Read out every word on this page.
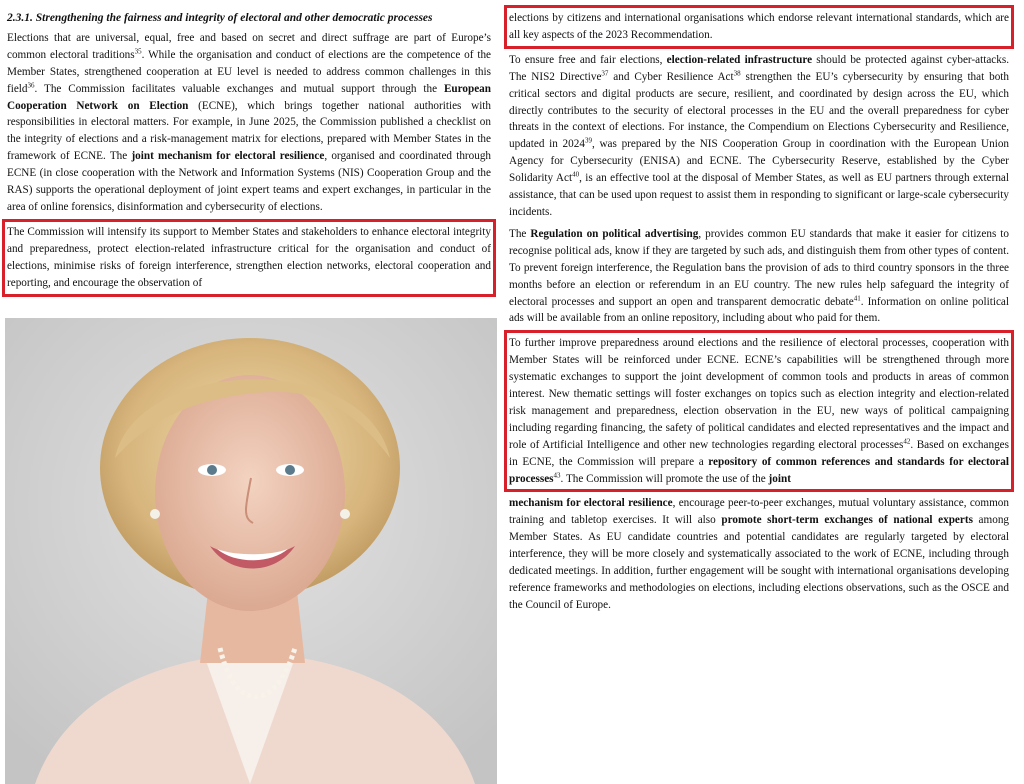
2.3.1. Strengthening the fairness and integrity of electoral and other democratic processes

Elections that are universal, equal, free and based on secret and direct suffrage are part of Europe’s common electoral traditions$^{35}$. While the organisation and conduct of elections are the competence of the Member States, strengthened cooperation at EU level is needed to address common challenges in this field$^{36}$. The Commission facilitates valuable exchanges and mutual support through the European Cooperation Network on Election (ECNE), which brings together national authorities with responsibilities in electoral matters. For example, in June 2025, the Commission published a checklist on the integrity of elections and a risk-management matrix for elections, prepared with Member States in the framework of ECNE. The joint mechanism for electoral resilience, organised and coordinated through ECNE (in close cooperation with the Network and Information Systems (NIS) Cooperation Group and the RAS) supports the operational deployment of joint expert teams and expert exchanges, in particular in the area of online forensics, disinformation and cybersecurity of elections.

The Commission will intensify its support to Member States and stakeholders to enhance electoral integrity and preparedness, protect election-related infrastructure critical for the organisation and conduct of elections, minimise risks of foreign interference, strengthen election networks, electoral cooperation and reporting, and encourage the observation of

elections by citizens and international organisations which endorse relevant international standards, which are all key aspects of the 2023 Recommendation.

To ensure free and fair elections, election-related infrastructure should be protected against cyber-attacks. The NIS2 Directive$^{37}$ and Cyber Resilience Act$^{38}$ strengthen the EU’s cybersecurity by ensuring that both critical sectors and digital products are secure, resilient, and coordinated by design across the EU, which directly contributes to the security of electoral processes in the EU and the overall preparedness for cyber threats in the context of elections. For instance, the Compendium on Elections Cybersecurity and Resilience, updated in 2024$^{39}$, was prepared by the NIS Cooperation Group in coordination with the European Union Agency for Cybersecurity (ENISA) and ECNE. The Cybersecurity Reserve, established by the Cyber Solidarity Act$^{40}$, is an effective tool at the disposal of Member States, as well as EU partners through external assistance, that can be used upon request to assist them in responding to significant or large-scale cybersecurity incidents.

The Regulation on political advertising, provides common EU standards that make it easier for citizens to recognise political ads, know if they are targeted by such ads, and distinguish them from other types of content. To prevent foreign interference, the Regulation bans the provision of ads to third country sponsors in the three months before an election or referendum in an EU country. The new rules help safeguard the integrity of electoral processes and support an open and transparent democratic debate$^{41}$. Information on online political ads will be available from an online repository, including about who paid for them.

To further improve preparedness around elections and the resilience of electoral processes, cooperation with Member States will be reinforced under ECNE. ECNE’s capabilities will be strengthened through more systematic exchanges to support the joint development of common tools and products in areas of common interest. New thematic settings will foster exchanges on topics such as election integrity and election-related risk management and preparedness, election observation in the EU, new ways of political campaigning including regarding financing, the safety of political candidates and elected representatives and the impact and role of Artificial Intelligence and other new technologies regarding electoral processes$^{42}$. Based on exchanges in ECNE, the Commission will prepare a repository of common references and standards for electoral processes$^{43}$. The Commission will promote the use of the joint

mechanism for electoral resilience, encourage peer-to-peer exchanges, mutual voluntary assistance, common training and tabletop exercises. It will also promote short-term exchanges of national experts among Member States. As EU candidate countries and potential candidates are regularly targeted by electoral interference, they will be more closely and systematically associated to the work of ECNE, including through dedicated meetings. In addition, further engagement will be sought with international organisations developing reference frameworks and methodologies on elections, including elections observations, such as the OSCE and the Council of Europe.
